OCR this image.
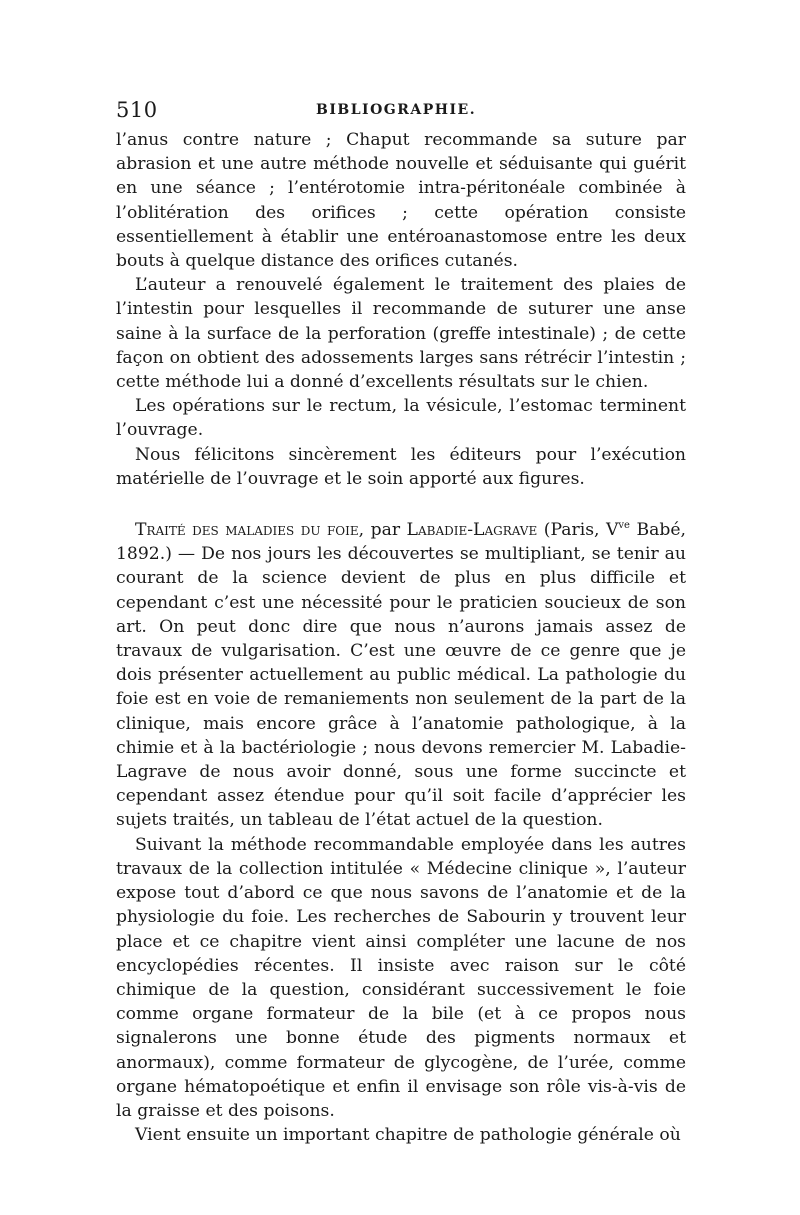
510	BIBLIOGRAPHIE.

l’anus contre nature ; Chaput recommande sa suture par abrasion et une autre méthode nouvelle et séduisante qui guérit en une séance ; l’entérotomie intra-péritonéale combinée à l’oblitération des orifices ; cette opération consiste essentiellement à établir une entéroanastomose entre les deux bouts à quelque distance des orifices cutanés.

L’auteur a renouvelé également le traitement des plaies de l’intestin pour lesquelles il recommande de suturer une anse saine à la surface de la perforation (greffe intestinale) ; de cette façon on obtient des adossements larges sans rétrécir l’intestin ; cette méthode lui a donné d’excellents résultats sur le chien.

Les opérations sur le rectum, la vésicule, l’estomac terminent l’ouvrage.

Nous félicitons sincèrement les éditeurs pour l’exécution matérielle de l’ouvrage et le soin apporté aux figures.

Traité des maladies du foie, par Labadie-Lagrave (Paris, $V^{ve}$ Babé, 1892.) — De nos jours les découvertes se multipliant, se tenir au courant de la science devient de plus en plus difficile et cependant c’est une nécessité pour le praticien soucieux de son art. On peut donc dire que nous n’aurons jamais assez de travaux de vulgarisation. C’est une œuvre de ce genre que je dois présenter actuellement au public médical. La pathologie du foie est en voie de remaniements non seulement de la part de la clinique, mais encore grâce à l’anatomie pathologique, à la chimie et à la bactériologie ; nous devons remercier M. Labadie-Lagrave de nous avoir donné, sous une forme succincte et cependant assez étendue pour qu’il soit facile d’apprécier les sujets traités, un tableau de l’état actuel de la question.

Suivant la méthode recommandable employée dans les autres travaux de la collection intitulée « Médecine clinique », l’auteur expose tout d’abord ce que nous savons de l’anatomie et de la physiologie du foie. Les recherches de Sabourin y trouvent leur place et ce chapitre vient ainsi compléter une lacune de nos encyclopédies récentes. Il insiste avec raison sur le côté chimique de la question, considérant successivement le foie comme organe formateur de la bile (et à ce propos nous signalerons une bonne étude des pigments normaux et anormaux), comme formateur de glycogène, de l’urée, comme organe hématopoétique et enfin il envisage son rôle vis-à-vis de la graisse et des poisons.

Vient ensuite un important chapitre de pathologie générale où
